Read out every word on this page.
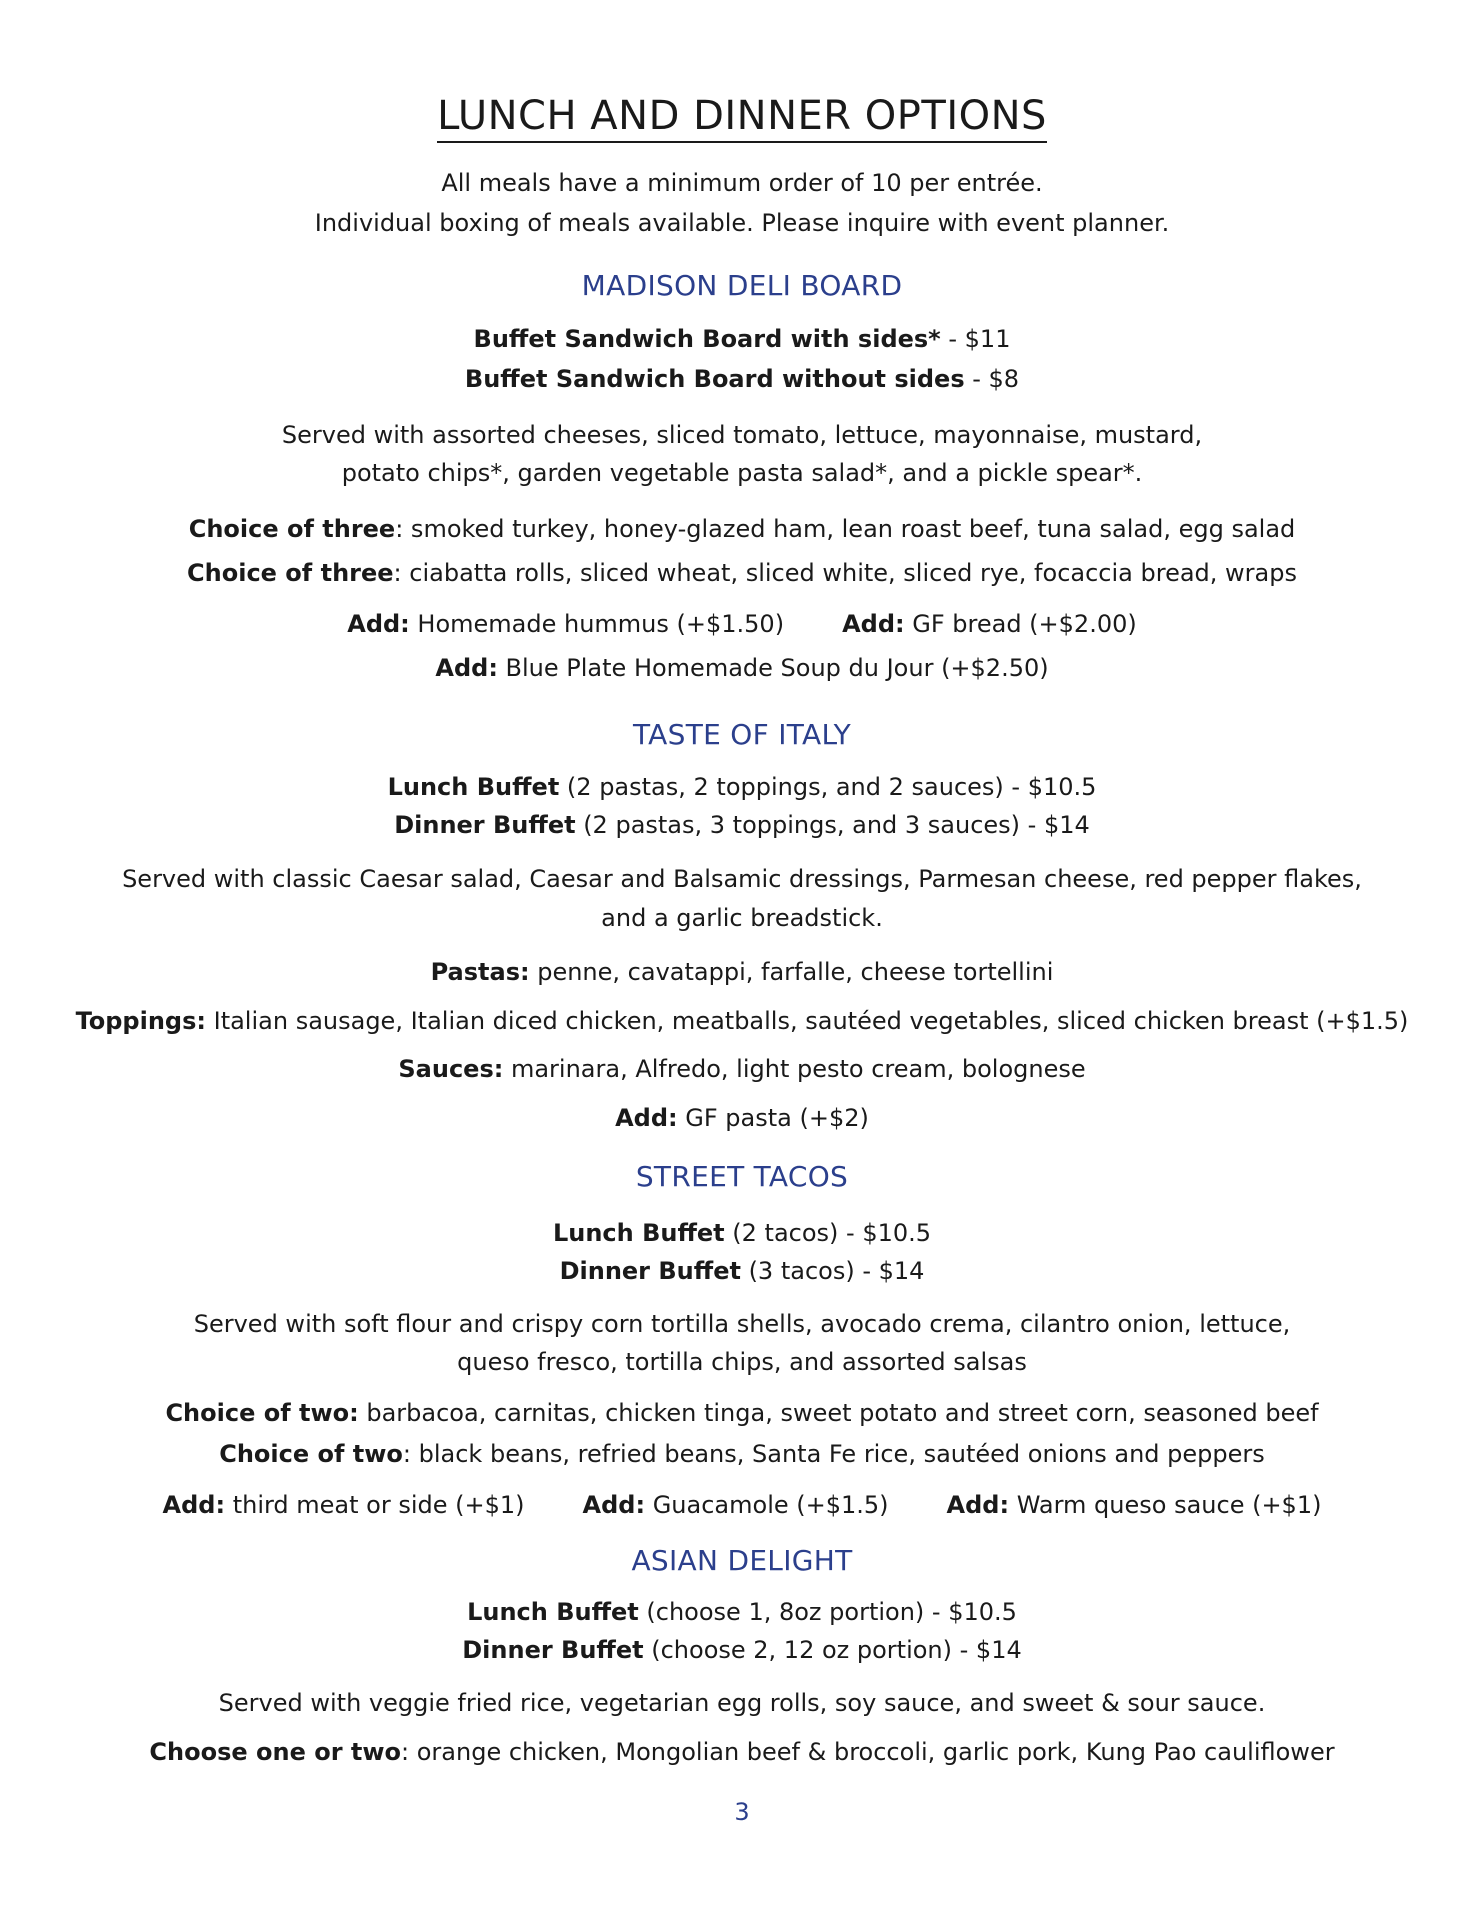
LUNCH AND DINNER OPTIONS
All meals have a minimum order of 10 per entrée.
Individual boxing of meals available. Please inquire with event planner.
MADISON DELI BOARD
Buffet Sandwich Board with sides* - $11
Buffet Sandwich Board without sides - $8
Served with assorted cheeses, sliced tomato, lettuce, mayonnaise, mustard,
potato chips*, garden vegetable pasta salad*, and a pickle spear*.
Choice of three: smoked turkey, honey-glazed ham, lean roast beef, tuna salad, egg salad
Choice of three: ciabatta rolls, sliced wheat, sliced white, sliced rye, focaccia bread, wraps
Add: Homemade hummus (+$1.50) Add: GF bread (+$2.00)
Add: Blue Plate Homemade Soup du Jour (+$2.50)
TASTE OF ITALY
Lunch Buffet (2 pastas, 2 toppings, and 2 sauces) - $10.5
Dinner Buffet (2 pastas, 3 toppings, and 3 sauces) - $14
Served with classic Caesar salad, Caesar and Balsamic dressings, Parmesan cheese, red pepper flakes,
and a garlic breadstick.
Pastas: penne, cavatappi, farfalle, cheese tortellini
Toppings: Italian sausage, Italian diced chicken, meatballs, sautéed vegetables, sliced chicken breast (+$1.5)
Sauces: marinara, Alfredo, light pesto cream, bolognese
Add: GF pasta (+$2)
STREET TACOS
Lunch Buffet (2 tacos) - $10.5
Dinner Buffet (3 tacos) - $14
Served with soft flour and crispy corn tortilla shells, avocado crema, cilantro onion, lettuce,
queso fresco, tortilla chips, and assorted salsas
Choice of two: barbacoa, carnitas, chicken tinga, sweet potato and street corn, seasoned beef
Choice of two: black beans, refried beans, Santa Fe rice, sautéed onions and peppers
Add: third meat or side (+$1) Add: Guacamole (+$1.5) Add: Warm queso sauce (+$1)
ASIAN DELIGHT
Lunch Buffet (choose 1, 8oz portion) - $10.5
Dinner Buffet (choose 2, 12 oz portion) - $14
Served with veggie fried rice, vegetarian egg rolls, soy sauce, and sweet & sour sauce.
Choose one or two: orange chicken, Mongolian beef & broccoli, garlic pork, Kung Pao cauliflower
3
